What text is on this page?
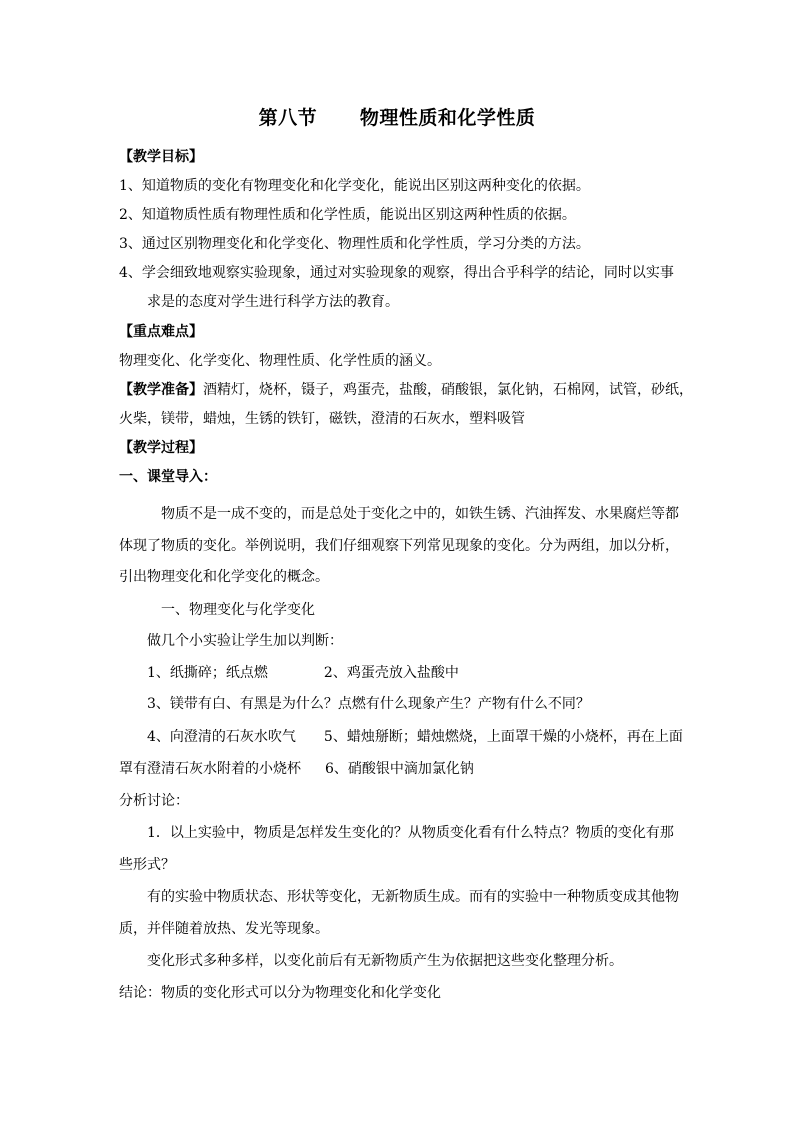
第八节      物理性质和化学性质
【教学目标】
1、知道物质的变化有物理变化和化学变化，能说出区别这两种变化的依据。
2、知道物质性质有物理性质和化学性质，能说出区别这两种性质的依据。
3、通过区别物理变化和化学变化、物理性质和化学性质，学习分类的方法。
4、学会细致地观察实验现象，通过对实验现象的观察，得出合乎科学的结论，同时以实事
求是的态度对学生进行科学方法的教育。
【重点难点】
物理变化、化学变化、物理性质、化学性质的涵义。
【教学准备】酒精灯，烧杯，镊子，鸡蛋壳，盐酸，硝酸银，氯化钠，石棉网，试管，砂纸，
火柴，镁带，蜡烛，生锈的铁钉，磁铁，澄清的石灰水，塑料吸管
【教学过程】
一、课堂导入：
物质不是一成不变的，而是总处于变化之中的，如铁生锈、汽油挥发、水果腐烂等都
体现了物质的变化。举例说明，我们仔细观察下列常见现象的变化。分为两组，加以分析，
引出物理变化和化学变化的概念。
一、物理变化与化学变化
做几个小实验让学生加以判断：
1、纸撕碎；纸点燃	2、鸡蛋壳放入盐酸中
3、镁带有白、有黑是为什么？点燃有什么现象产生？产物有什么不同？
4、向澄清的石灰水吹气 5、蜡烛掰断；蜡烛燃烧，上面罩干燥的小烧杯，再在上面
罩有澄清石灰水附着的小烧杯 6、硝酸银中滴加氯化钠
分析讨论：
1．以上实验中，物质是怎样发生变化的？从物质变化看有什么特点？物质的变化有那
些形式？
有的实验中物质状态、形状等变化，无新物质生成。而有的实验中一种物质变成其他物
质，并伴随着放热、发光等现象。
变化形式多种多样，以变化前后有无新物质产生为依据把这些变化整理分析。
结论：物质的变化形式可以分为物理变化和化学变化
